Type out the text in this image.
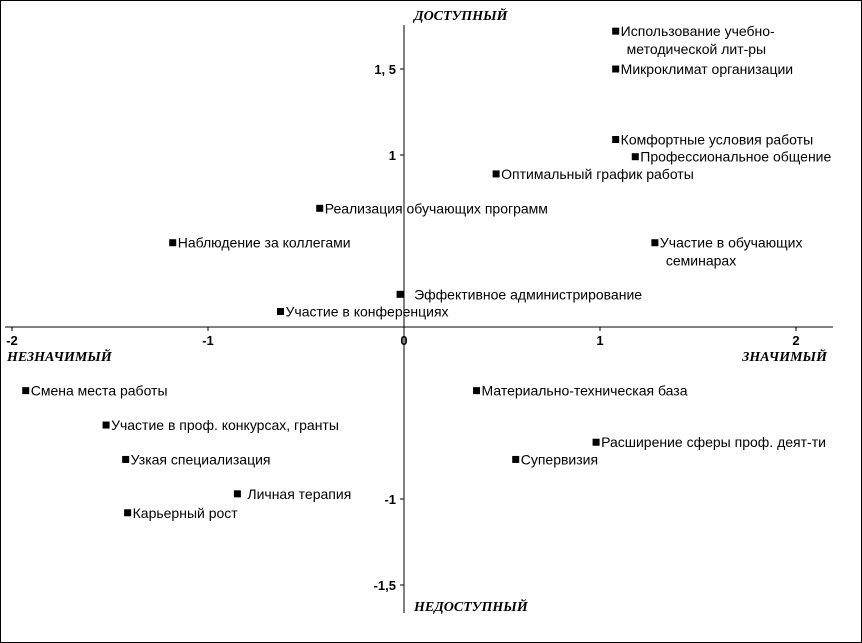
-2	-1	0	1	2
1, 5
1
-1
-1,5
Использование учебно-
методической лит-ры
Микроклимат организации
Комфортные условия работы
Профессиональное общение
Оптимальный график работы
Реализация обучающих программ
Наблюдение за коллегами	Участие в обучающих
семинарах
Эффективное администрирование
Участие в конференциях
Смена места работы	Материально-техническая база
Участие в проф. конкурсах, гранты
Расширение сферы проф. деят-ти
Узкая специализация	Супервизия
Личная терапия
Карьерный рост
ДОСТУПНЫЙ
НЕДОСТУПНЫЙ
НЕЗНАЧИМЫЙ	ЗНАЧИМЫЙ
